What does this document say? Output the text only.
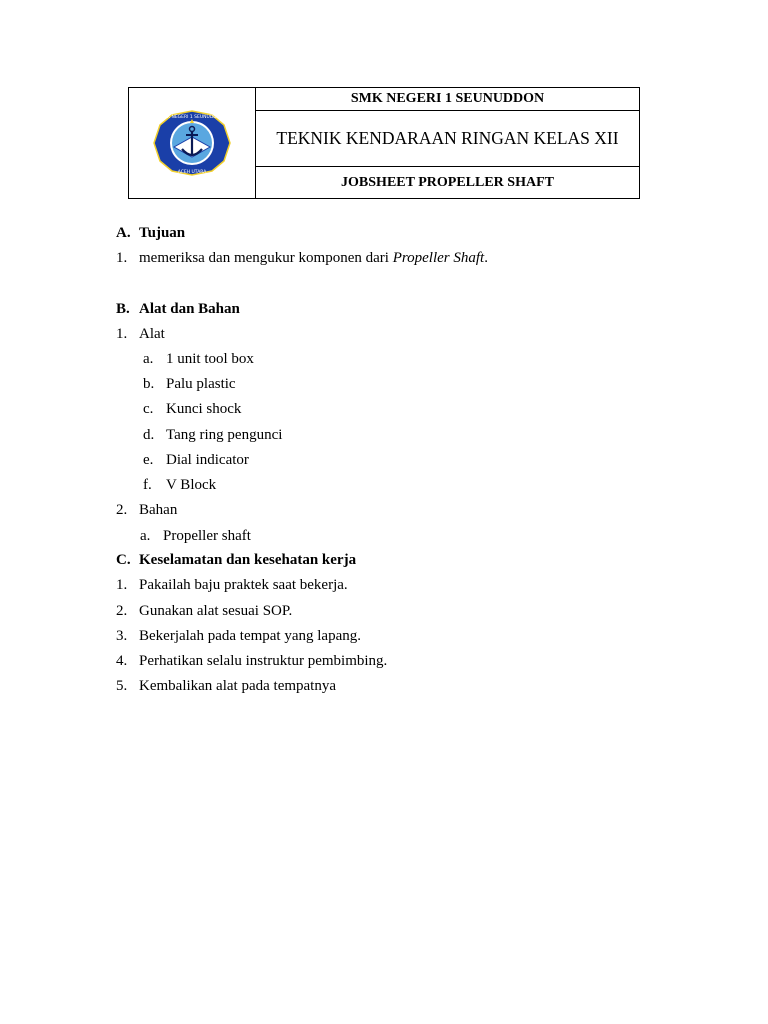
SMK NEGERI 1 SEUNUDDON
ACEH UTARA
	SMK NEGERI 1 SEUNUDDON
TEKNIK KENDARAAN RINGAN KELAS XII
JOBSHEET PROPELLER SHAFT
A. Tujuan
1. memeriksa dan mengukur komponen dari Propeller Shaft.
B. Alat dan Bahan
1. Alat
a. 1 unit tool box
b. Palu plastic
c. Kunci shock
d. Tang ring pengunci
e. Dial indicator
f. V Block
2. Bahan
a. Propeller shaft
C. Keselamatan dan kesehatan kerja
1. Pakailah baju praktek saat bekerja.
2. Gunakan alat sesuai SOP.
3. Bekerjalah pada tempat yang lapang.
4. Perhatikan selalu instruktur pembimbing.
5. Kembalikan alat pada tempatnya
